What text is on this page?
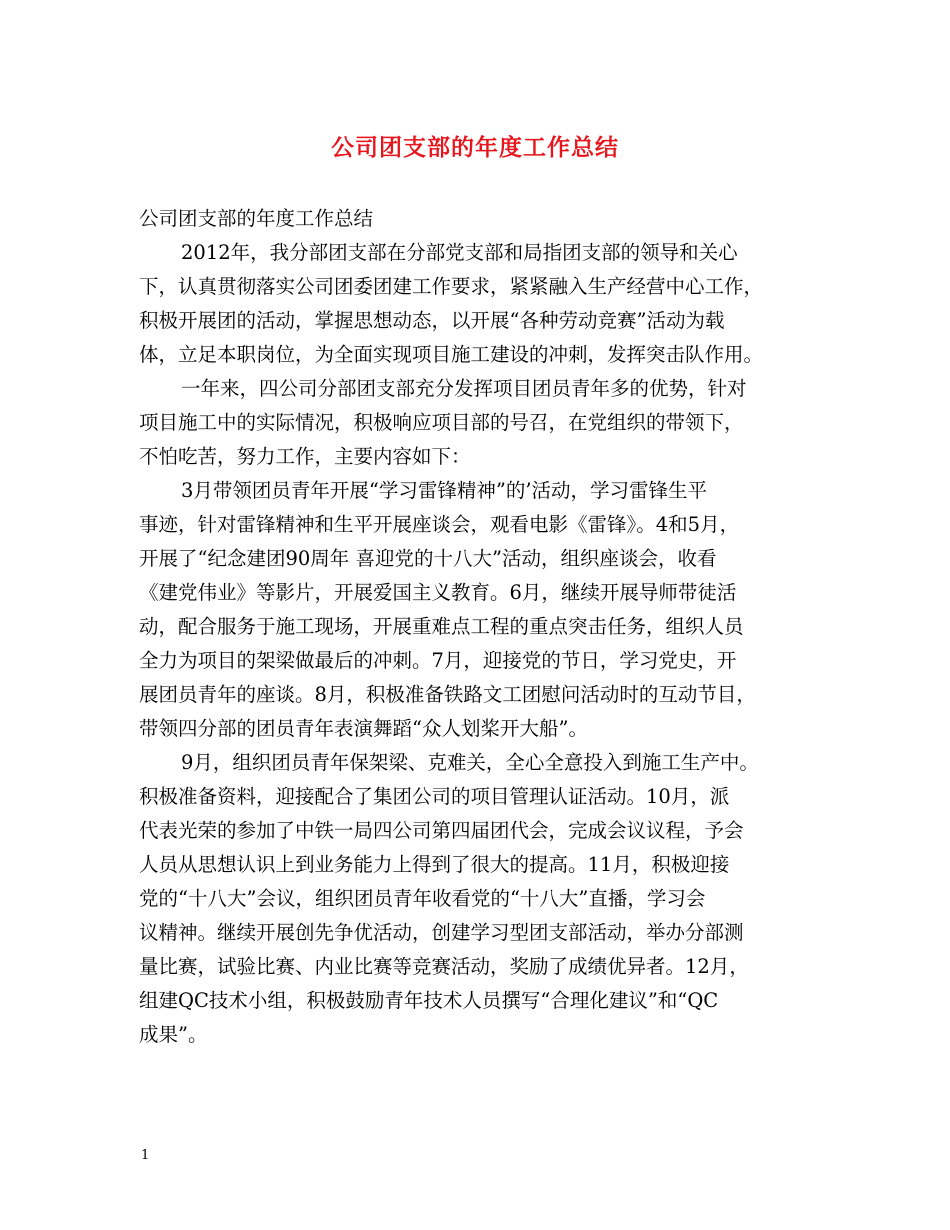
公司团支部的年度工作总结
公司团支部的年度工作总结
2012年，我分部团支部在分部党支部和局指团支部的领导和关心
下，认真贯彻落实公司团委团建工作要求，紧紧融入生产经营中心工作，
积极开展团的活动，掌握思想动态，以开展“各种劳动竞赛”活动为载
体，立足本职岗位，为全面实现项目施工建设的冲刺，发挥突击队作用。
一年来，四公司分部团支部充分发挥项目团员青年多的优势，针对
项目施工中的实际情况，积极响应项目部的号召，在党组织的带领下，
不怕吃苦，努力工作，主要内容如下：
3月带领团员青年开展“学习雷锋精神”的’活动，学习雷锋生平
事迹，针对雷锋精神和生平开展座谈会，观看电影《雷锋》。4和5月，
开展了“纪念建团90周年 喜迎党的十八大”活动，组织座谈会，收看
《建党伟业》等影片，开展爱国主义教育。6月，继续开展导师带徒活
动，配合服务于施工现场，开展重难点工程的重点突击任务，组织人员
全力为项目的架梁做最后的冲刺。7月，迎接党的节日，学习党史，开
展团员青年的座谈。8月，积极准备铁路文工团慰问活动时的互动节目，
带领四分部的团员青年表演舞蹈“众人划桨开大船”。
9月，组织团员青年保架梁、克难关，全心全意投入到施工生产中。
积极准备资料，迎接配合了集团公司的项目管理认证活动。10月，派
代表光荣的参加了中铁一局四公司第四届团代会，完成会议议程，予会
人员从思想认识上到业务能力上得到了很大的提高。11月，积极迎接
党的“十八大”会议，组织团员青年收看党的“十八大”直播，学习会
议精神。继续开展创先争优活动，创建学习型团支部活动，举办分部测
量比赛，试验比赛、内业比赛等竞赛活动，奖励了成绩优异者。12月，
组建QC技术小组，积极鼓励青年技术人员撰写“合理化建议”和“QC
成果”。
1
